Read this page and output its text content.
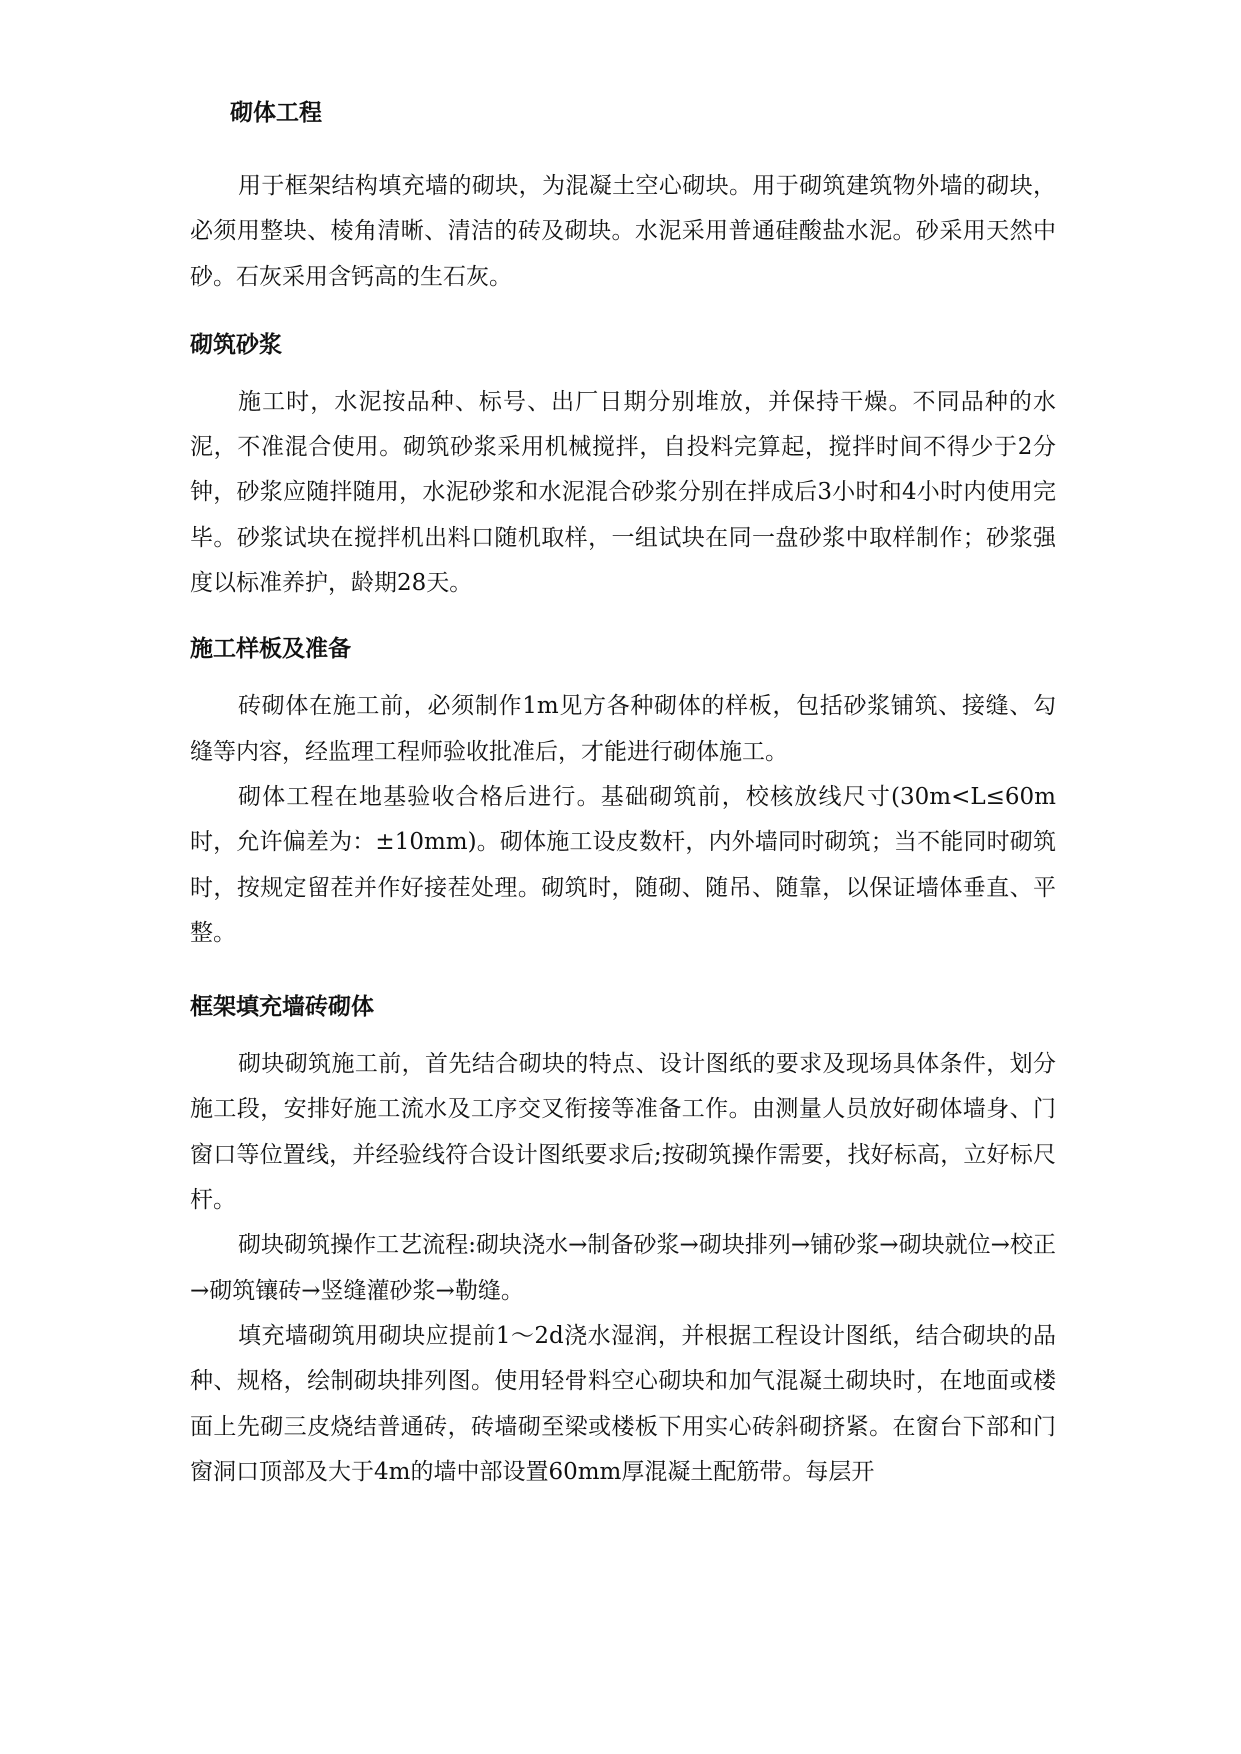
砌体工程

用于框架结构填充墙的砌块，为混凝土空心砌块。用于砌筑建筑物外墙的砌块，必须用整块、棱角清晰、清洁的砖及砌块。水泥采用普通硅酸盐水泥。砂采用天然中砂。石灰采用含钙高的生石灰。

砌筑砂浆

施工时，水泥按品种、标号、出厂日期分别堆放，并保持干燥。不同品种的水泥，不准混合使用。砌筑砂浆采用机械搅拌，自投料完算起，搅拌时间不得少于2分钟，砂浆应随拌随用，水泥砂浆和水泥混合砂浆分别在拌成后3小时和4小时内使用完毕。砂浆试块在搅拌机出料口随机取样，一组试块在同一盘砂浆中取样制作；砂浆强度以标准养护，龄期28天。

施工样板及准备

砖砌体在施工前，必须制作1m见方各种砌体的样板，包括砂浆铺筑、接缝、勾缝等内容，经监理工程师验收批准后，才能进行砌体施工。

砌体工程在地基验收合格后进行。基础砌筑前，校核放线尺寸(30m<L≤60m时，允许偏差为：±10mm)。砌体施工设皮数杆，内外墙同时砌筑；当不能同时砌筑时，按规定留茬并作好接茬处理。砌筑时，随砌、随吊、随靠，以保证墙体垂直、平整。

框架填充墙砖砌体

砌块砌筑施工前，首先结合砌块的特点、设计图纸的要求及现场具体条件，划分施工段，安排好施工流水及工序交叉衔接等准备工作。由测量人员放好砌体墙身、门窗口等位置线，并经验线符合设计图纸要求后;按砌筑操作需要，找好标高，立好标尺杆。

砌块砌筑操作工艺流程:砌块浇水→制备砂浆→砌块排列→铺砂浆→砌块就位→校正→砌筑镶砖→竖缝灌砂浆→勒缝。

填充墙砌筑用砌块应提前1～2d浇水湿润，并根据工程设计图纸，结合砌块的品种、规格，绘制砌块排列图。使用轻骨料空心砌块和加气混凝土砌块时，在地面或楼面上先砌三皮烧结普通砖，砖墙砌至梁或楼板下用实心砖斜砌挤紧。在窗台下部和门窗洞口顶部及大于4m的墙中部设置60mm厚混凝土配筋带。每层开
